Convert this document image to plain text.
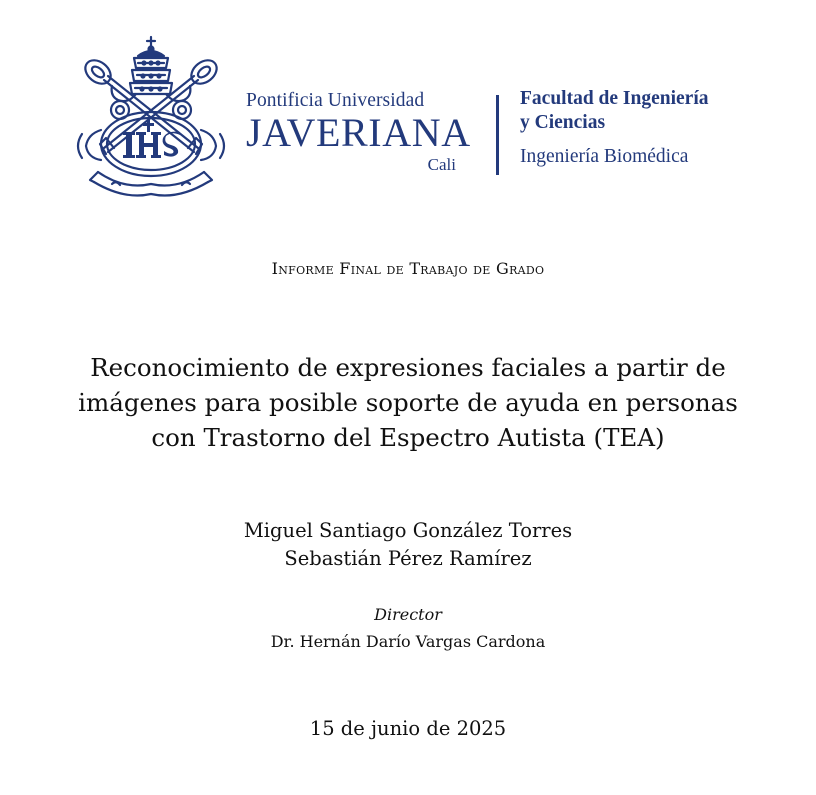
Pontificia Universidad
JAVERIANA
Cali
Facultad de Ingeniería
y Ciencias
Ingeniería Biomédica
Informe Final de Trabajo de Grado
Reconocimiento de expresiones faciales a partir de
imágenes para posible soporte de ayuda en personas
con Trastorno del Espectro Autista (TEA)
Miguel Santiago González Torres
Sebastián Pérez Ramírez
Director
Dr. Hernán Darío Vargas Cardona
15 de junio de 2025
